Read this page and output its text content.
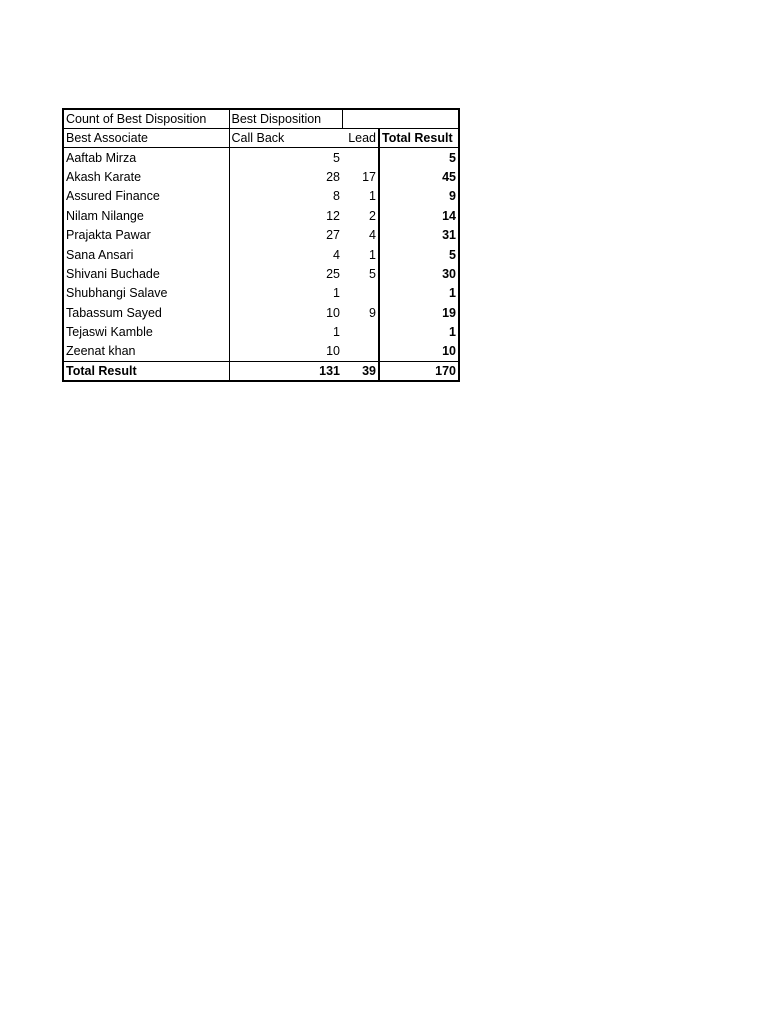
Count of Best Disposition	Best Disposition		
Best Associate	Call Back	Lead	Total Result
Aaftab Mirza	5		5
Akash Karate	28	17	45
Assured Finance	8	1	9
Nilam Nilange	12	2	14
Prajakta Pawar	27	4	31
Sana Ansari	4	1	5
Shivani Buchade	25	5	30
Shubhangi Salave	1		1
Tabassum Sayed	10	9	19
Tejaswi Kamble	1		1
Zeenat khan	10		10
Total Result	131	39	170
